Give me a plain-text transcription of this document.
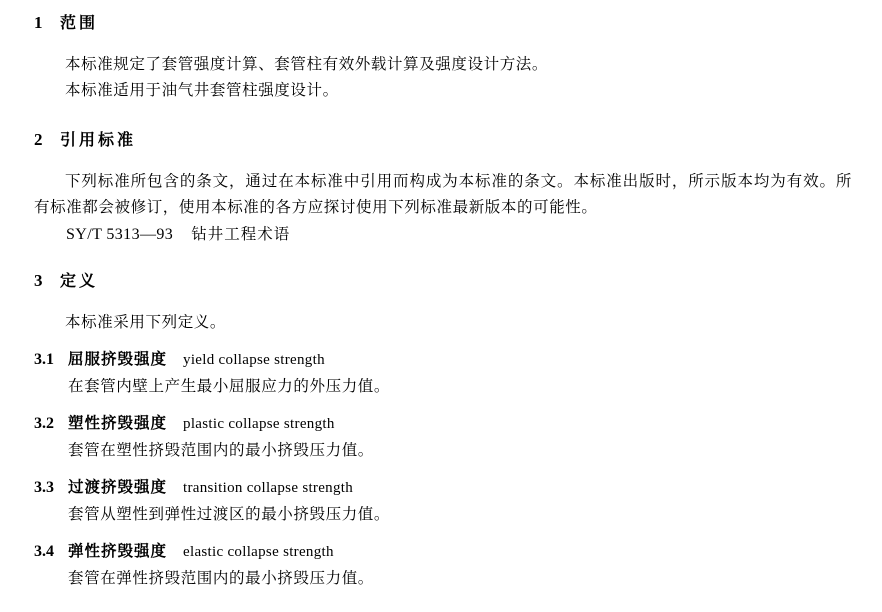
1	范围

本标准规定了套管强度计算、套管柱有效外载计算及强度设计方法。

本标准适用于油气井套管柱强度设计。

2	引用标准

下列标准所包含的条文，通过在本标准中引用而构成为本标准的条文。本标准出版时，所示版本均为有效。所有标准都会被修订，使用本标准的各方应探讨使用下列标准最新版本的可能性。

SY/T 5313—93 钻井工程术语

3	定义

本标准采用下列定义。

3.1 屈服挤毁强度 yield collapse strength
在套管内壁上产生最小屈服应力的外压力值。
3.2 塑性挤毁强度 plastic collapse strength
套管在塑性挤毁范围内的最小挤毁压力值。
3.3 过渡挤毁强度 transition collapse strength
套管从塑性到弹性过渡区的最小挤毁压力值。
3.4 弹性挤毁强度 elastic collapse strength
套管在弹性挤毁范围内的最小挤毁压力值。
